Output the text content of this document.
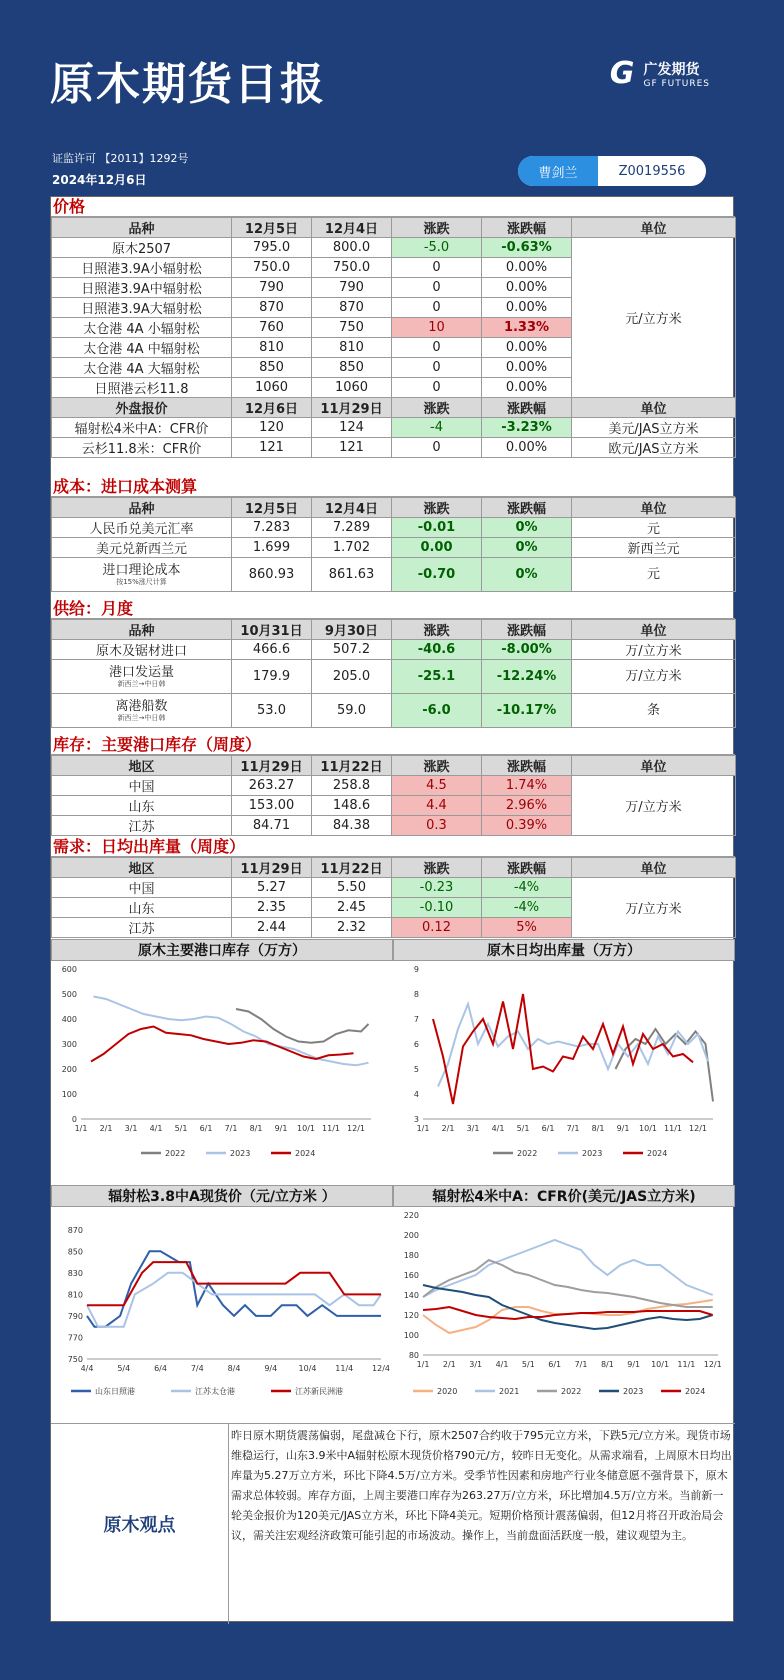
原木期货日报	G 广发期货
GF FUTURES
证监许可 【2011】1292号
2024年12月6日	曹剑兰	Z0019556
价格
品种	12月5日	12月4日	涨跌	涨跌幅	单位
原木2507	795.0	800.0	-5.0	-0.63%	元/立方米
日照港3.9A小辐射松	750.0	750.0	0	0.00%	
日照港3.9A中辐射松	790	790	0	0.00%	
日照港3.9A大辐射松	870	870	0	0.00%	
太仓港 4A 小辐射松	760	750	10	1.33%	
太仓港 4A 中辐射松	810	810	0	0.00%	
太仓港 4A 大辐射松	850	850	0	0.00%	
日照港云杉11.8	1060	1060	0	0.00%	
外盘报价	12月6日	11月29日	涨跌	涨跌幅	单位
辐射松4米中A：CFR价	120	124	-4	-3.23%	美元/JAS立方米
云杉11.8米：CFR价	121	121	0	0.00%	欧元/JAS立方米
成本：进口成本测算
品种	12月5日	12月4日	涨跌	涨跌幅	单位
人民币兑美元汇率	7.283	7.289	-0.01	0%	元
美元兑新西兰元	1.699	1.702	0.00	0%	新西兰元
进口理论成本
按15%涨尺计算	860.93	861.63	-0.70	0%	元
供给：月度
品种	10月31日	9月30日	涨跌	涨跌幅	单位
原木及锯材进口	466.6	507.2	-40.6	-8.00%	万/立方米
港口发运量
新西兰→中日韩	179.9	205.0	-25.1	-12.24%	万/立方米
离港船数
新西兰→中日韩	53.0	59.0	-6.0	-10.17%	条
库存：主要港口库存（周度）
地区	11月29日	11月22日	涨跌	涨跌幅	单位
中国	263.27	258.8	4.5	1.74%	万/立方米
山东	153.00	148.6	4.4	2.96%	
江苏	84.71	84.38	0.3	0.39%	
需求：日均出库量（周度）
地区	11月29日	11月22日	涨跌	涨跌幅	单位
中国	5.27	5.50	-0.23	-4%	万/立方米
山东	2.35	2.45	-0.10	-4%	
江苏	2.44	2.32	0.12	5%	
原木主要港口库存（万方）	原木日均出库量（万方）
0
100
200
300
400
500
600
1/1 2/1 3/1 4/1 5/1 6/1 7/1 8/1 9/1 10/1 11/1 12/1
2022	2023	2024
3
4
5
6
7
8
9
1/1 2/1 3/1 4/1 5/1 6/1 7/1 8/1 9/1 10/1 11/1 12/1
2022	2023	2024
辐射松3.8中A现货价（元/立方米 ）	辐射松4米中A：CFR价(美元/JAS立方米)
750
770
790
810
830
850
870
4/4	5/4	6/4	7/4	8/4	9/4	10/4 11/4 12/4
山东日照港	江苏太仓港	江苏新民洲港
80
100
120
140
160
180
200
220
1/1 2/1 3/1 4/1 5/1 6/1 7/1 8/1 9/1 10/1 11/1 12/1
2020	2021	2022	2023	2024
原木观点
昨日原木期货震荡偏弱，尾盘减仓下行，原木2507合约收于795元立方米，下跌5元/立方米。现货市场维稳运行，山东3.9米中A辐射松原木现货价格790元/方，较昨日无变化。从需求端看，上周原木日均出库量为5.27万立方米，环比下降4.5万/立方米。受季节性因素和房地产行业冬储意愿不强背景下，原木需求总体较弱。库存方面，上周主要港口库存为263.27万/立方米，环比增加4.5万/立方米。当前新一轮美金报价为120美元/JAS立方米，环比下降4美元。短期价格预计震荡偏弱，但12月将召开政治局会议，需关注宏观经济政策可能引起的市场波动。操作上，当前盘面活跃度一般，建议观望为主。
